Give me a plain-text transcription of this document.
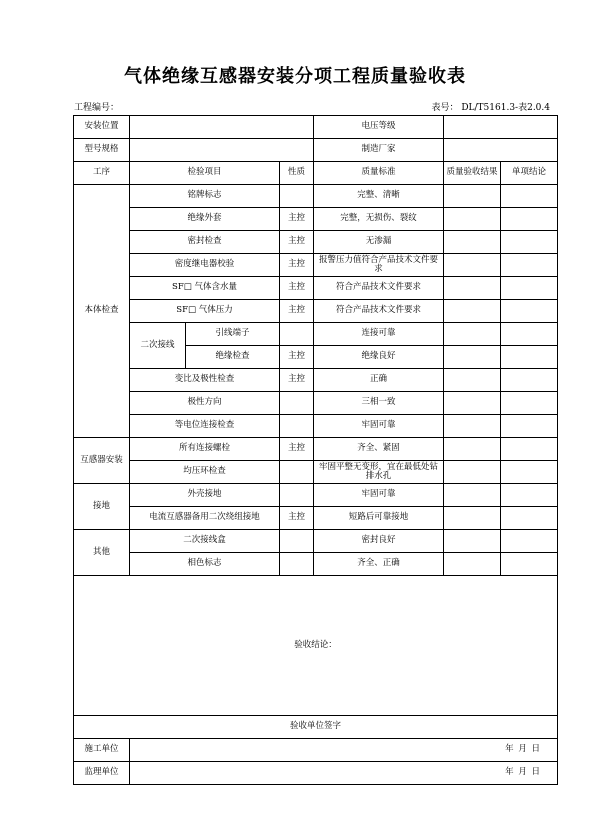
气体绝缘互感器安装分项工程质量验收表
工程编号：	表号： DL/T5161.3-表2.0.4
安装位置				电压等级		
型号规格				制造厂家		
工序	检验项目		性质	质量标准	质量验收结果	单项结论
本体检查	铭牌标志			完整、清晰		
	绝缘外套		主控	完整，无损伤、裂纹		
	密封检查		主控	无渗漏		
	密度继电器校验		主控	报警压力值符合产品技术文件要求		
	SF□ 气体含水量		主控	符合产品技术文件要求		
	SF□ 气体压力		主控	符合产品技术文件要求		
	二次接线	引线端子		连接可靠		
		绝缘检查	主控	绝缘良好		
	变比及极性检查		主控	正确		
	极性方向			三相一致		
	等电位连接检查			牢固可靠		
互感器安装	所有连接螺栓		主控	齐全、紧固		
	均压环检查			牢固平整无变形，宜在最低处钻排水孔		
接地	外壳接地			牢固可靠		
	电流互感器备用二次绕组接地		主控	短路后可靠接地		
其他	二次接线盒			密封良好		
	相色标志			齐全、正确		
验收结论：						
验收单位签字						
施工单位	年 月 日					

监理单位	年 月 日					
